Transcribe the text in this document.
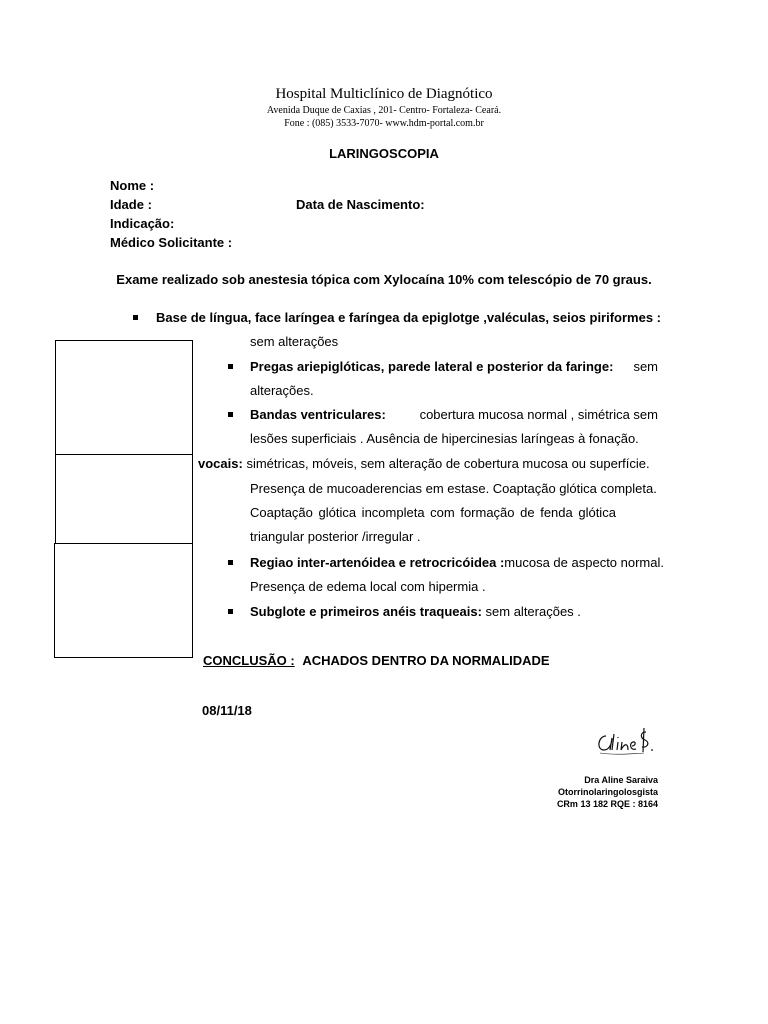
Hospital Multiclínico de Diagnótico
Avenida Duque de Caxias , 201- Centro- Fortaleza- Ceará.
Fone : (085) 3533-7070- www.hdm-portal.com.br
LARINGOSCOPIA
Nome :
Idade :	Data de Nascimento:
Indicação:
Médico Solicitante :
Exame realizado sob anestesia tópica com Xylocaína 10% com telescópio de 70 graus.
Base de língua, face laríngea e faríngea da epiglotge ,valéculas, seios piriformes :
sem alterações
Pregas ariepiglóticas, parede lateral e posterior da faringe: sem
alterações.
Bandas ventriculares:	cobertura mucosa normal , simétrica sem
lesões superficiais . Ausência de hipercinesias laríngeas à fonação.
vocais: simétricas, móveis, sem alteração de cobertura mucosa ou superfície.
Presença de mucoaderencias em estase. Coaptação glótica completa.
Coaptação glótica incompleta com formação de fenda glótica
triangular posterior /irregular .
Regiao inter-artenóidea e retrocricóidea : mucosa de aspecto normal.
Presença de edema local com hipermia .
Subglote e primeiros anéis traqueais: sem alterações .
CONCLUSÃO : ACHADOS DENTRO DA NORMALIDADE
08/11/18
Dra Aline Saraiva
Otorrinolaringolosgista
CRm 13 182 RQE : 8164
